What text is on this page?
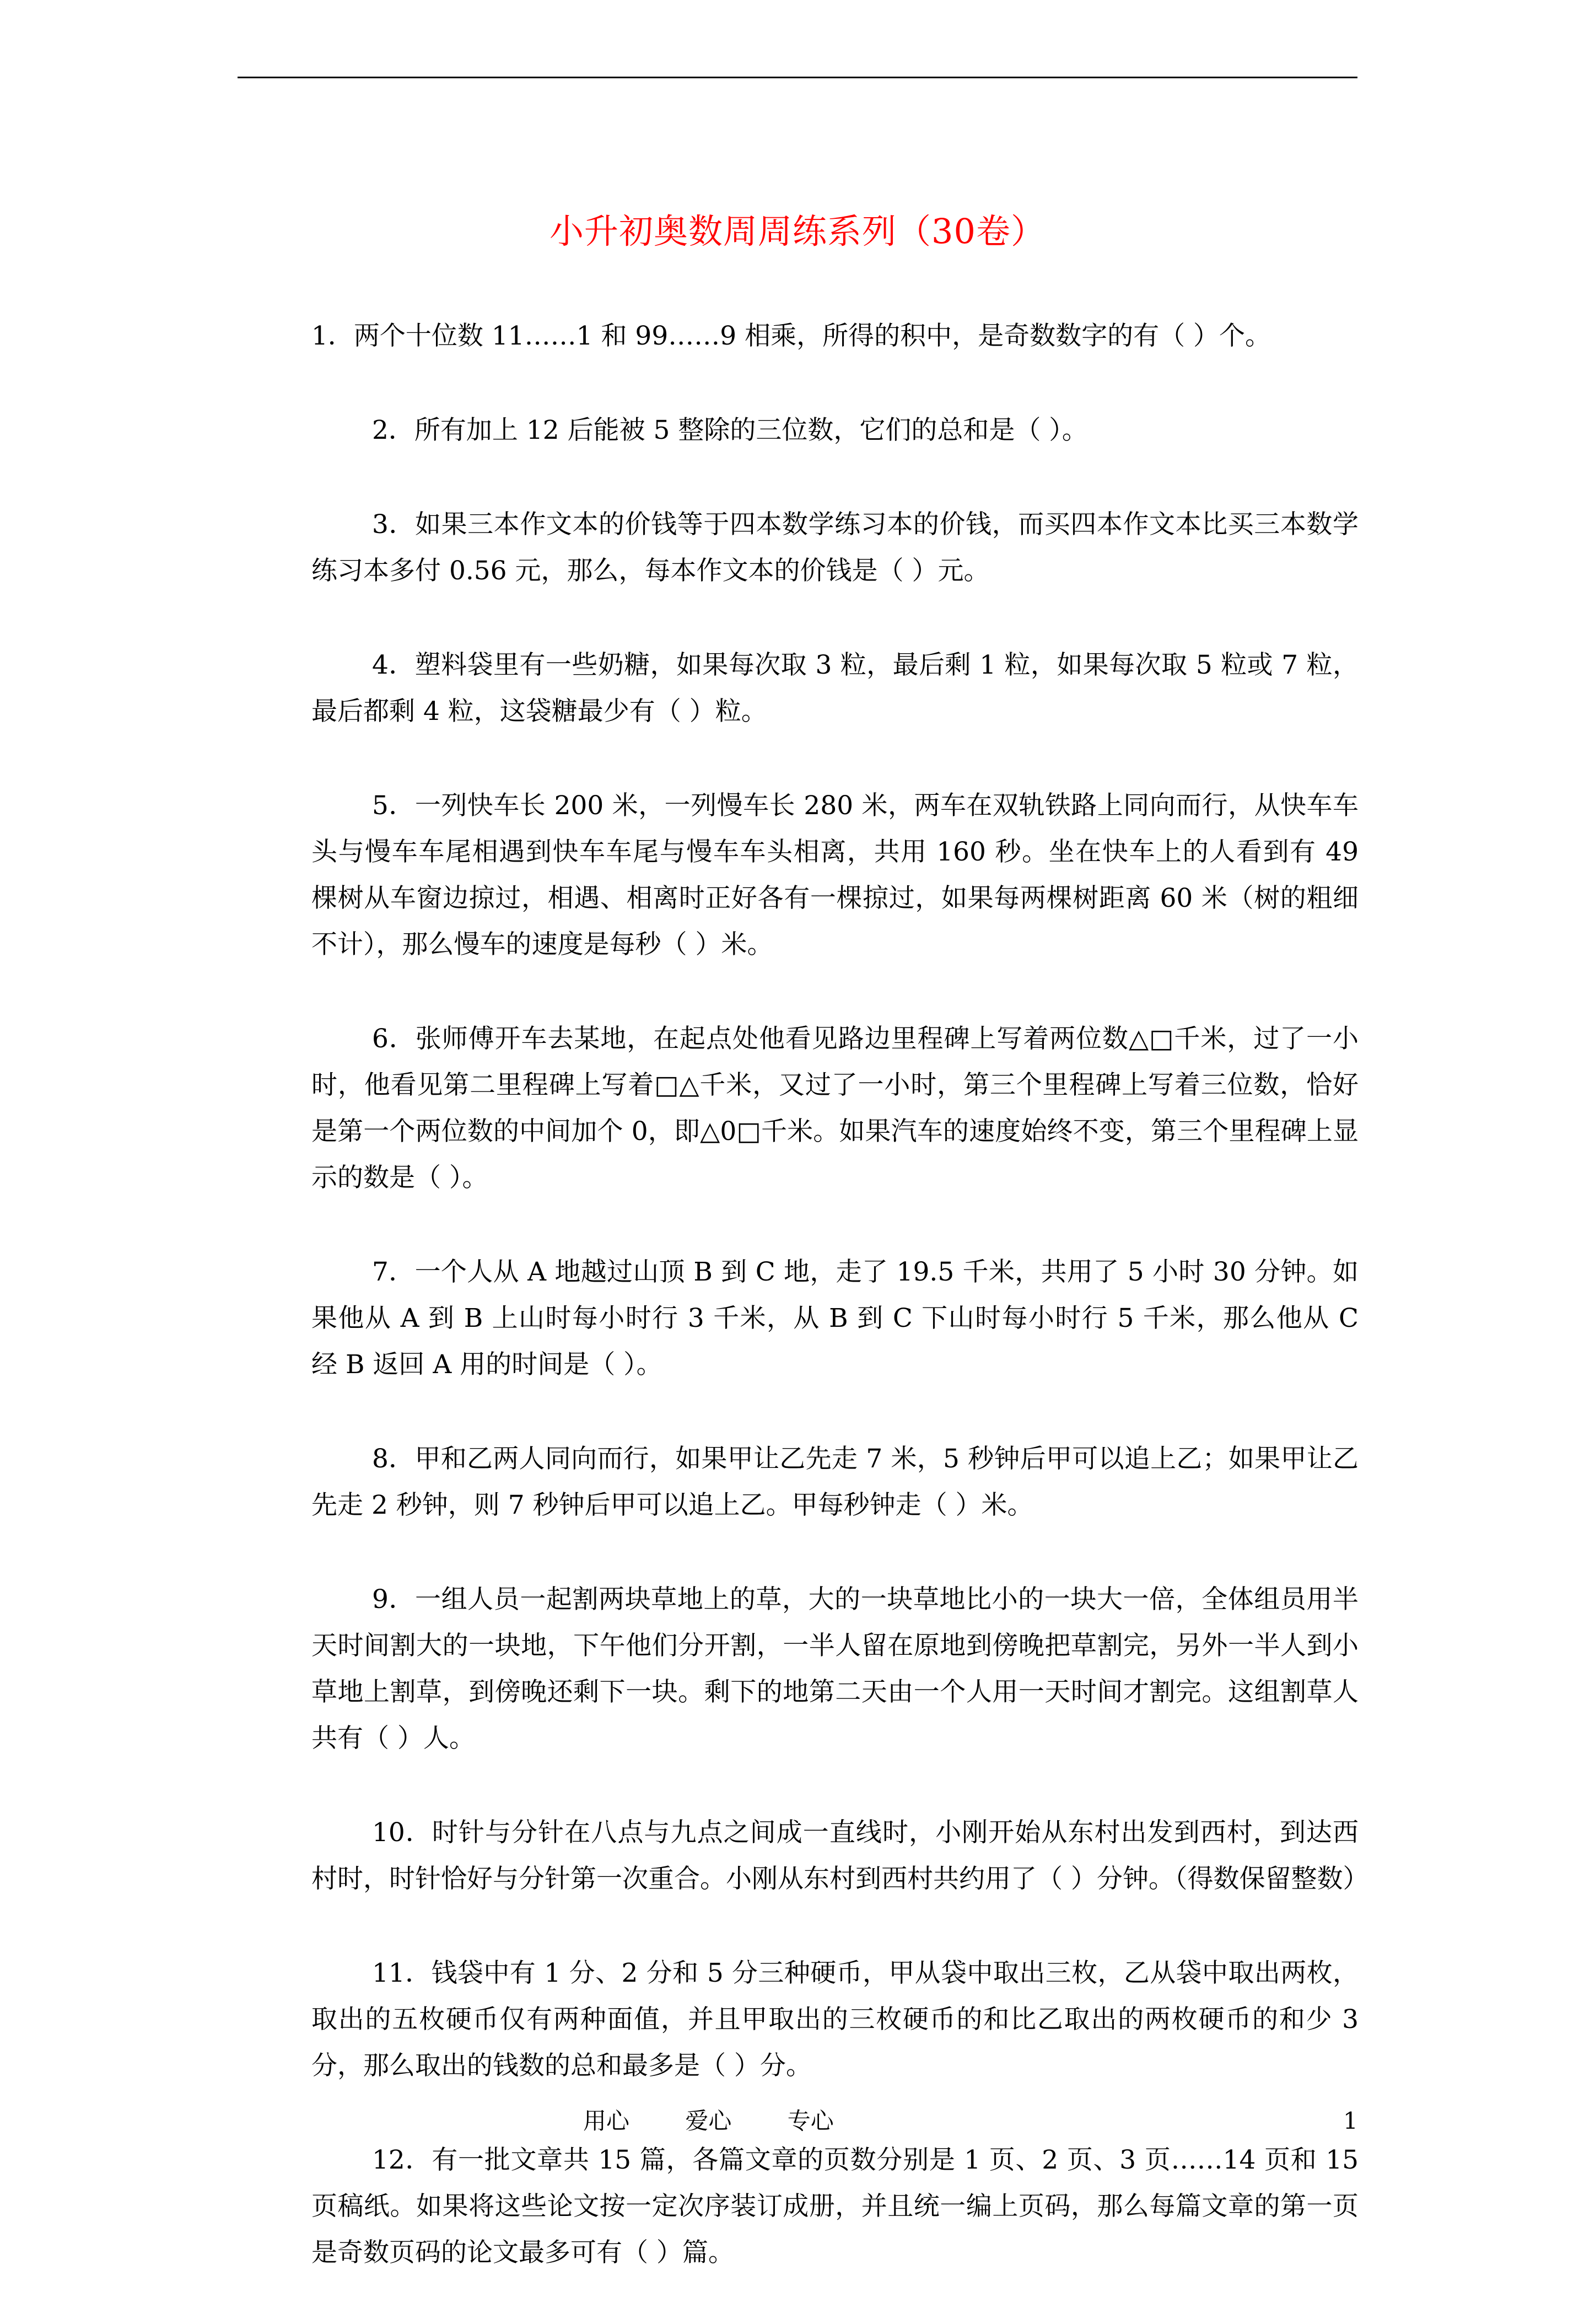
小升初奥数周周练系列（30卷）

1．两个十位数 11……1 和 99……9 相乘，所得的积中，是奇数数字的有（ ）个。

2．所有加上 12 后能被 5 整除的三位数，它们的总和是（ ）。

3．如果三本作文本的价钱等于四本数学练习本的价钱，而买四本作文本比买三本数学练习本多付 0.56 元，那么，每本作文本的价钱是（ ）元。

4．塑料袋里有一些奶糖，如果每次取 3 粒，最后剩 1 粒，如果每次取 5 粒或 7 粒，最后都剩 4 粒，这袋糖最少有（ ）粒。

5．一列快车长 200 米，一列慢车长 280 米，两车在双轨铁路上同向而行，从快车车头与慢车车尾相遇到快车车尾与慢车车头相离，共用 160 秒。坐在快车上的人看到有 49 棵树从车窗边掠过，相遇、相离时正好各有一棵掠过，如果每两棵树距离 60 米（树的粗细不计），那么慢车的速度是每秒（ ）米。

6．张师傅开车去某地，在起点处他看见路边里程碑上写着两位数△□千米，过了一小时，他看见第二里程碑上写着□△千米，又过了一小时，第三个里程碑上写着三位数，恰好是第一个两位数的中间加个 0，即△0□千米。如果汽车的速度始终不变，第三个里程碑上显示的数是（ ）。

7．一个人从 A 地越过山顶 B 到 C 地，走了 19.5 千米，共用了 5 小时 30 分钟。如果他从 A 到 B 上山时每小时行 3 千米，从 B 到 C 下山时每小时行 5 千米，那么他从 C 经 B 返回 A 用的时间是（ ）。

8．甲和乙两人同向而行，如果甲让乙先走 7 米，5 秒钟后甲可以追上乙；如果甲让乙先走 2 秒钟，则 7 秒钟后甲可以追上乙。甲每秒钟走（ ）米。

9．一组人员一起割两块草地上的草，大的一块草地比小的一块大一倍，全体组员用半天时间割大的一块地，下午他们分开割，一半人留在原地到傍晚把草割完，另外一半人到小草地上割草，到傍晚还剩下一块。剩下的地第二天由一个人用一天时间才割完。这组割草人共有（ ）人。

10．时针与分针在八点与九点之间成一直线时，小刚开始从东村出发到西村，到达西村时，时针恰好与分针第一次重合。小刚从东村到西村共约用了（ ）分钟。（得数保留整数）

11．钱袋中有 1 分、2 分和 5 分三种硬币，甲从袋中取出三枚，乙从袋中取出两枚，取出的五枚硬币仅有两种面值，并且甲取出的三枚硬币的和比乙取出的两枚硬币的和少 3 分，那么取出的钱数的总和最多是（ ）分。

12．有一批文章共 15 篇，各篇文章的页数分别是 1 页、2 页、3 页……14 页和 15 页稿纸。如果将这些论文按一定次序装订成册，并且统一编上页码，那么每篇文章的第一页是奇数页码的论文最多可有（ ）篇。

用心 爱心 专心	1
